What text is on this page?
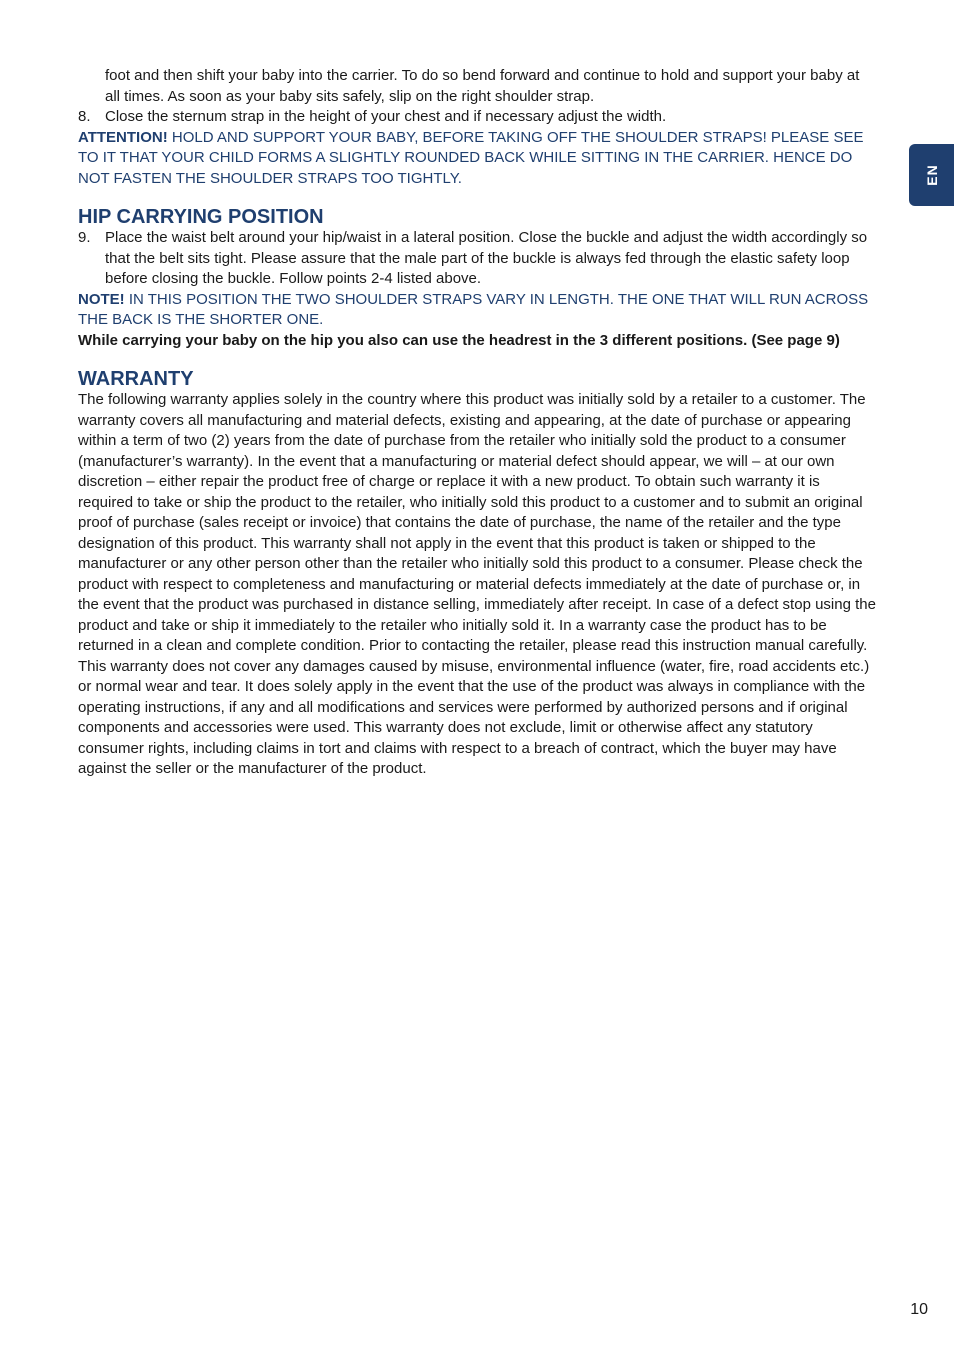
foot and then shift your baby into the carrier. To do so bend forward and continue to hold and support your baby at all times. As soon as your baby sits safely, slip on the right shoulder strap.

8. Close the sternum strap in the height of your chest and if necessary adjust the width.

ATTENTION! HOLD AND SUPPORT YOUR BABY, BEFORE TAKING OFF THE SHOULDER STRAPS! PLEASE SEE TO IT THAT YOUR CHILD FORMS A SLIGHTLY ROUNDED BACK WHILE SITTING IN THE CARRIER. HENCE DO NOT FASTEN THE SHOULDER STRAPS TOO TIGHTLY.

HIP CARRYING POSITION
9. Place the waist belt around your hip/waist in a lateral position. Close the buckle and adjust the width accordingly so that the belt sits tight. Please assure that the male part of the buckle is always fed through the elastic safety loop before closing the buckle. Follow points 2-4 listed above.

NOTE! IN THIS POSITION THE TWO SHOULDER STRAPS VARY IN LENGTH. THE ONE THAT WILL RUN ACROSS THE BACK IS THE SHORTER ONE.

While carrying your baby on the hip you also can use the headrest in the 3 different positions. (See page 9)

WARRANTY

The following warranty applies solely in the country where this product was initially sold by a retailer to a customer. The warranty covers all manufacturing and material defects, existing and appearing, at the date of purchase or appearing within a term of two (2) years from the date of purchase from the retailer who initially sold the product to a consumer (manufacturer’s warranty). In the event that a manufacturing or material defect should appear, we will – at our own discretion – either repair the product free of charge or replace it with a new product. To obtain such warranty it is required to take or ship the product to the retailer, who initially sold this product to a customer and to submit an original proof of purchase (sales receipt or invoice) that contains the date of purchase, the name of the retailer and the type designation of this product. This warranty shall not apply in the event that this product is taken or shipped to the manufacturer or any other person other than the retailer who initially sold this product to a consumer. Please check the product with respect to completeness and manufacturing or material defects immediately at the date of purchase or, in the event that the product was purchased in distance selling, immediately after receipt. In case of a defect stop using the product and take or ship it immediately to the retailer who initially sold it. In a warranty case the product has to be returned in a clean and complete condition. Prior to contacting the retailer, please read this instruction manual carefully. This warranty does not cover any damages caused by misuse, environmental influence (water, fire, road accidents etc.) or normal wear and tear. It does solely apply in the event that the use of the product was always in compliance with the operating instructions, if any and all modifications and services were performed by authorized persons and if original components and accessories were used. This warranty does not exclude, limit or otherwise affect any statutory consumer rights, including claims in tort and claims with respect to a breach of contract, which the buyer may have against the seller or the manufacturer of the product.

EN
10
